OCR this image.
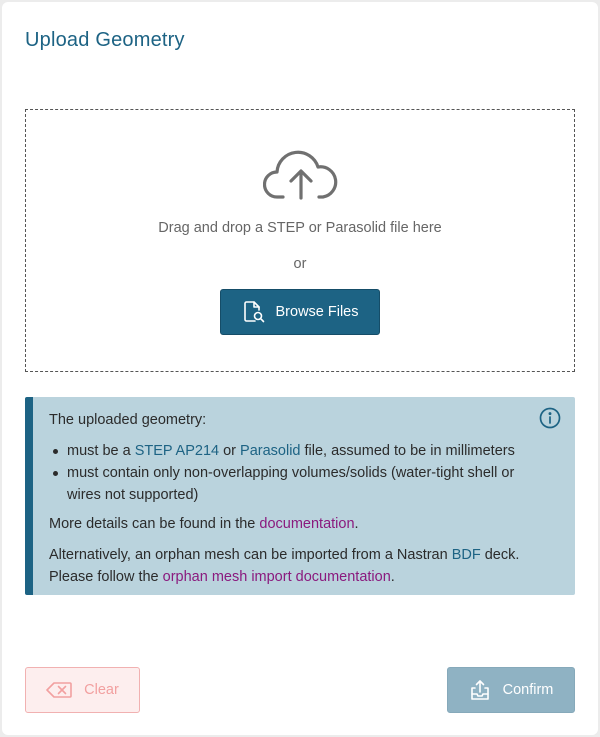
Upload Geometry
Drag and drop a STEP or Parasolid file here
or
Browse Files
The uploaded geometry:
must be a STEP AP214 or Parasolid file, assumed to be in millimeters
must contain only non-overlapping volumes/solids (water-tight shell or wires not supported)
More details can be found in the documentation.
Alternatively, an orphan mesh can be imported from a Nastran BDF deck. Please follow the orphan mesh import documentation.
Clear	Confirm
